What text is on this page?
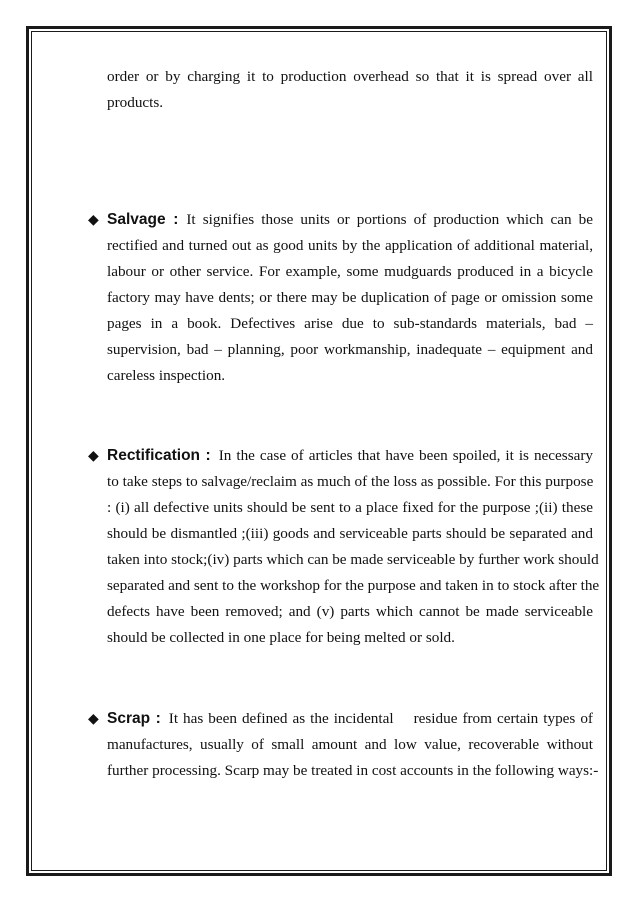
order or by charging it to production overhead so that it is spread over all
products.
◆ Salvage : It signifies those units or portions of production which can be
rectified and turned out as good units by the application of additional material,
labour or other service. For example, some mudguards produced in a bicycle
factory may have dents; or there may be duplication of page or omission some
pages in a book. Defectives arise due to sub-standards materials, bad –
supervision, bad – planning, poor workmanship, inadequate – equipment and
careless inspection.
◆ Rectification : In the case of articles that have been spoiled, it is necessary
to take steps to salvage/reclaim as much of the loss as possible. For this purpose
: (i) all defective units should be sent to a place fixed for the purpose ;(ii) these
should be dismantled ;(iii) goods and serviceable parts should be separated and
taken into stock;(iv) parts which can be made serviceable by further work should
separated and sent to the workshop for the purpose and taken in to stock after the
defects have been removed; and (v) parts which cannot be made serviceable
should be collected in one place for being melted or sold.
◆ Scrap : It has been defined as the incidental    residue from certain types of
manufactures, usually of small amount and low value, recoverable without
further processing. Scarp may be treated in cost accounts in the following ways:-
